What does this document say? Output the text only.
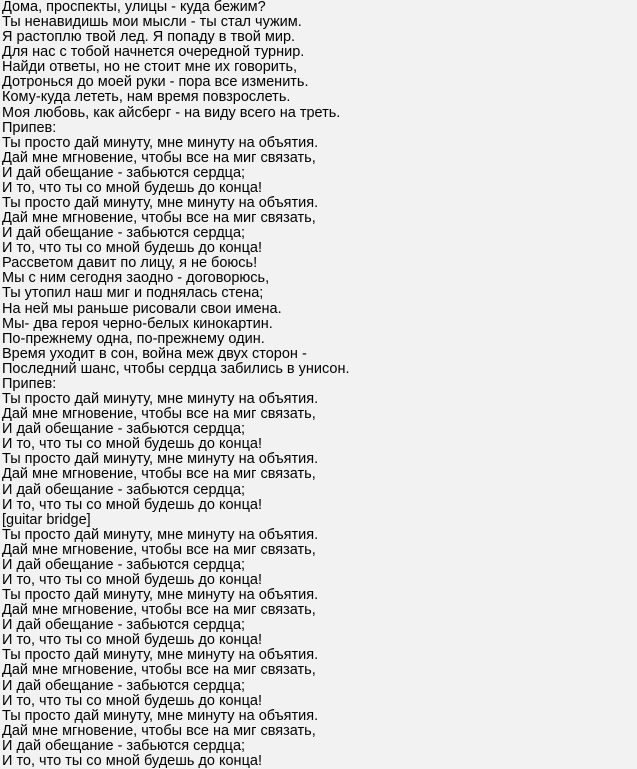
Дома, проспекты, улицы - куда бежим?
Ты ненавидишь мои мысли - ты стал чужим.
Я растоплю твой лед. Я попаду в твой мир.
Для нас с тобой начнется очередной турнир.
Найди ответы, но не стоит мне их говорить,
Дотронься до моей руки - пора все изменить.
Кому-куда лететь, нам время повзрослеть.
Моя любовь, как айсберг - на виду всего на треть.
Припев:
Ты просто дай минуту, мне минуту на объятия.
Дай мне мгновение, чтобы все на миг связать,
И дай обещание - забьются сердца;
И то, что ты со мной будешь до конца!
Ты просто дай минуту, мне минуту на объятия.
Дай мне мгновение, чтобы все на миг связать,
И дай обещание - забьются сердца;
И то, что ты со мной будешь до конца!
Рассветом давит по лицу, я не боюсь!
Мы с ним сегодня заодно - договорюсь,
Ты утопил наш миг и поднялась стена;
На ней мы раньше рисовали свои имена.
Мы- два героя черно-белых кинокартин.
По-прежнему одна, по-прежнему один.
Время уходит в сон, война меж двух сторон -
Последний шанс, чтобы сердца забились в унисон.
Припев:
Ты просто дай минуту, мне минуту на объятия.
Дай мне мгновение, чтобы все на миг связать,
И дай обещание - забьются сердца;
И то, что ты со мной будешь до конца!
Ты просто дай минуту, мне минуту на объятия.
Дай мне мгновение, чтобы все на миг связать,
И дай обещание - забьются сердца;
И то, что ты со мной будешь до конца!
[guitar bridge]
Ты просто дай минуту, мне минуту на объятия.
Дай мне мгновение, чтобы все на миг связать,
И дай обещание - забьются сердца;
И то, что ты со мной будешь до конца!
Ты просто дай минуту, мне минуту на объятия.
Дай мне мгновение, чтобы все на миг связать,
И дай обещание - забьются сердца;
И то, что ты со мной будешь до конца!
Ты просто дай минуту, мне минуту на объятия.
Дай мне мгновение, чтобы все на миг связать,
И дай обещание - забьются сердца;
И то, что ты со мной будешь до конца!
Ты просто дай минуту, мне минуту на объятия.
Дай мне мгновение, чтобы все на миг связать,
И дай обещание - забьются сердца;
И то, что ты со мной будешь до конца!
